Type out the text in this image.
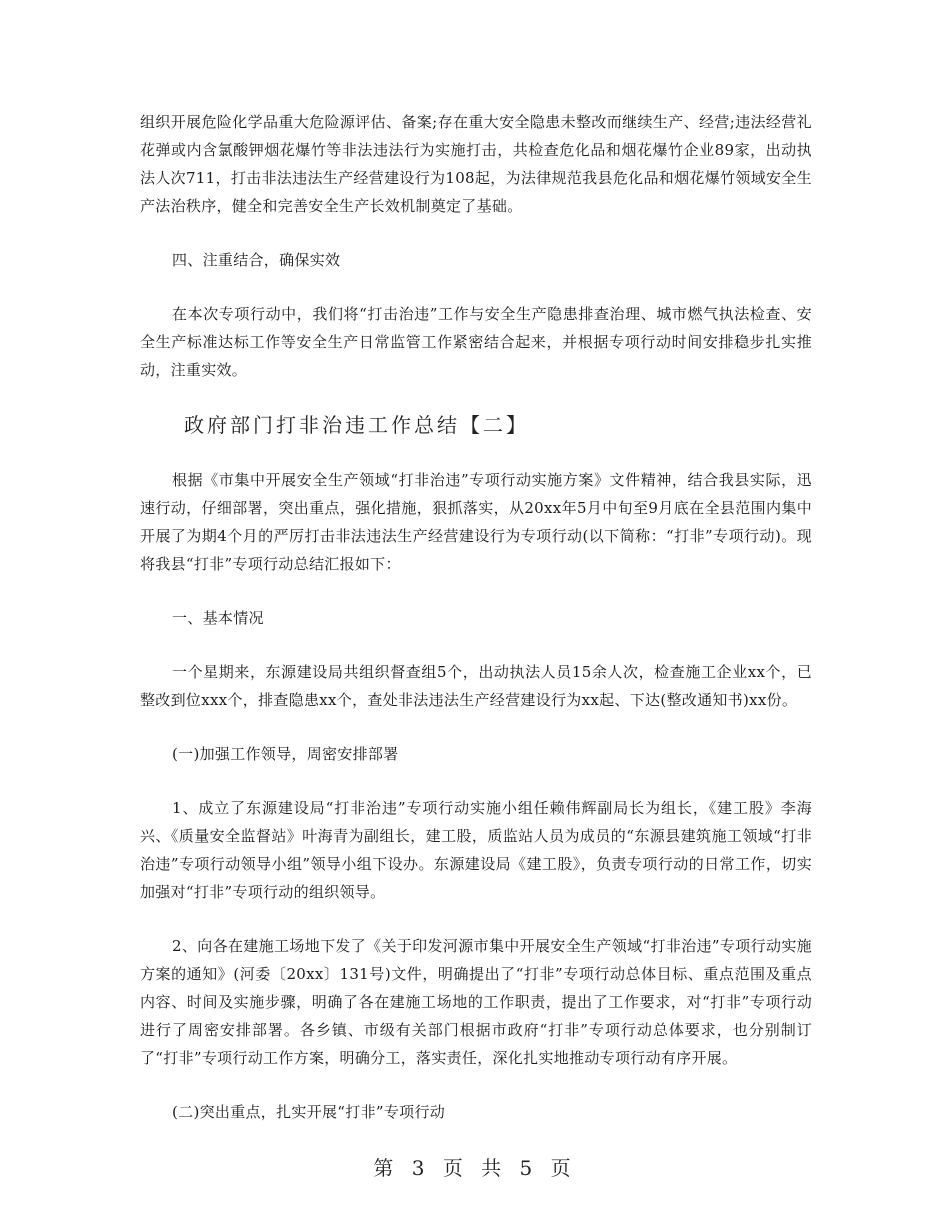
组织开展危险化学品重大危险源评估、备案;存在重大安全隐患未整改而继续生产、经营;违法经营礼花弹或内含氯酸钾烟花爆竹等非法违法行为实施打击，共检查危化品和烟花爆竹企业89家，出动执法人次711，打击非法违法生产经营建设行为108起，为法律规范我县危化品和烟花爆竹领域安全生产法治秩序，健全和完善安全生产长效机制奠定了基础。

四、注重结合，确保实效

在本次专项行动中，我们将“打击治违”工作与安全生产隐患排查治理、城市燃气执法检查、安全生产标准达标工作等安全生产日常监管工作紧密结合起来，并根据专项行动时间安排稳步扎实推动，注重实效。

政府部门打非治违工作总结【二】

根据《市集中开展安全生产领域“打非治违”专项行动实施方案》文件精神，结合我县实际，迅速行动，仔细部署，突出重点，强化措施，狠抓落实，从20xx年5月中旬至9月底在全县范围内集中开展了为期4个月的严厉打击非法违法生产经营建设行为专项行动(以下简称：“打非”专项行动)。现将我县“打非”专项行动总结汇报如下：

一、基本情况

一个星期来，东源建设局共组织督查组5个，出动执法人员15余人次，检查施工企业xx个，已整改到位xxx个，排查隐患xx个，查处非法违法生产经营建设行为xx起、下达(整改通知书)xx份。

(一)加强工作领导，周密安排部署

1、成立了东源建设局“打非治违”专项行动实施小组任赖伟辉副局长为组长，《建工股》李海兴、《质量安全监督站》叶海青为副组长，建工股，质监站人员为成员的“东源县建筑施工领域“打非治违”专项行动领导小组”领导小组下设办。东源建设局《建工股》，负责专项行动的日常工作，切实加强对“打非”专项行动的组织领导。

2、向各在建施工场地下发了《关于印发河源市集中开展安全生产领域“打非治违”专项行动实施方案的通知》(河委〔20xx〕131号)文件，明确提出了“打非”专项行动总体目标、重点范围及重点内容、时间及实施步骤，明确了各在建施工场地的工作职责，提出了工作要求，对“打非”专项行动进行了周密安排部署。各乡镇、市级有关部门根据市政府“打非”专项行动总体要求，也分别制订了“打非”专项行动工作方案，明确分工，落实责任，深化扎实地推动专项行动有序开展。

(二)突出重点，扎实开展“打非”专项行动

第 3 页 共 5 页
